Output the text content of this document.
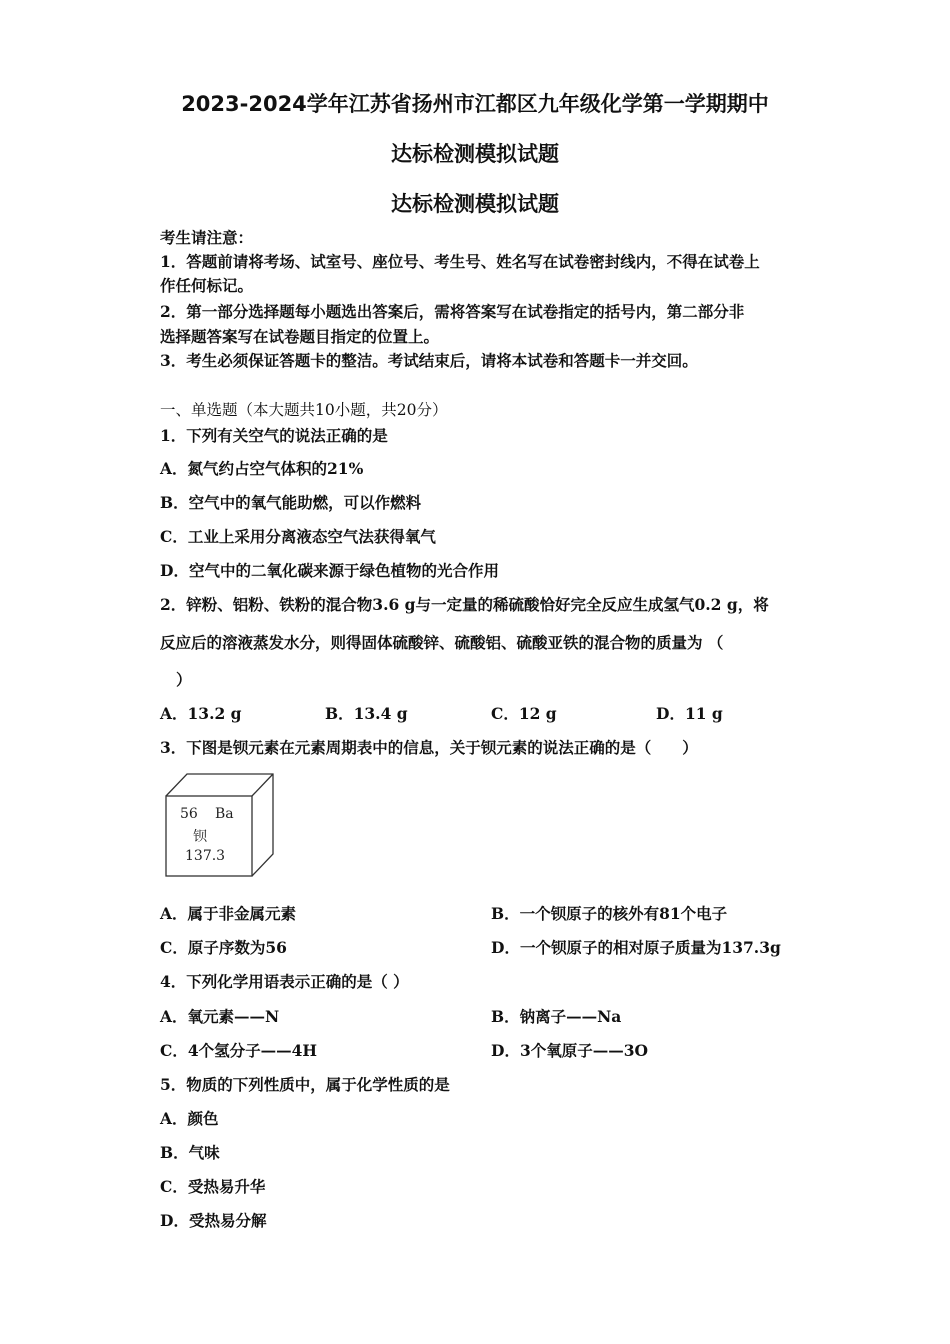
2023-2024学年江苏省扬州市江都区九年级化学第一学期期中
达标检测模拟试题
达标检测模拟试题
考生请注意：
1．答题前请将考场、试室号、座位号、考生号、姓名写在试卷密封线内，不得在试卷上
作任何标记。
2．第一部分选择题每小题选出答案后，需将答案写在试卷指定的括号内，第二部分非
选择题答案写在试卷题目指定的位置上。
3．考生必须保证答题卡的整洁。考试结束后，请将本试卷和答题卡一并交回。
一、单选题（本大题共10小题，共20分）
1．下列有关空气的说法正确的是
A．氮气约占空气体积的21%
B．空气中的氧气能助燃，可以作燃料
C．工业上采用分离液态空气法获得氧气
D．空气中的二氧化碳来源于绿色植物的光合作用
2．锌粉、铝粉、铁粉的混合物3.6 g与一定量的稀硫酸恰好完全反应生成氢气0.2 g，将
反应后的溶液蒸发水分，则得固体硫酸锌、硫酸铝、硫酸亚铁的混合物的质量为 （
）
A．13.2 g	B．13.4 g	C．12 g	D．11 g
3．下图是钡元素在元素周期表中的信息，关于钡元素的说法正确的是（　　）
56 Ba
钡
137.3
A．属于非金属元素	B．一个钡原子的核外有81个电子
C．原子序数为56	D．一个钡原子的相对原子质量为137.3g
4．下列化学用语表示正确的是（ ）
A．氧元素——N	B．钠离子——Na
C．4个氢分子——4H	D．3个氧原子——3O
5．物质的下列性质中，属于化学性质的是
A．颜色
B．气味
C．受热易升华
D．受热易分解
